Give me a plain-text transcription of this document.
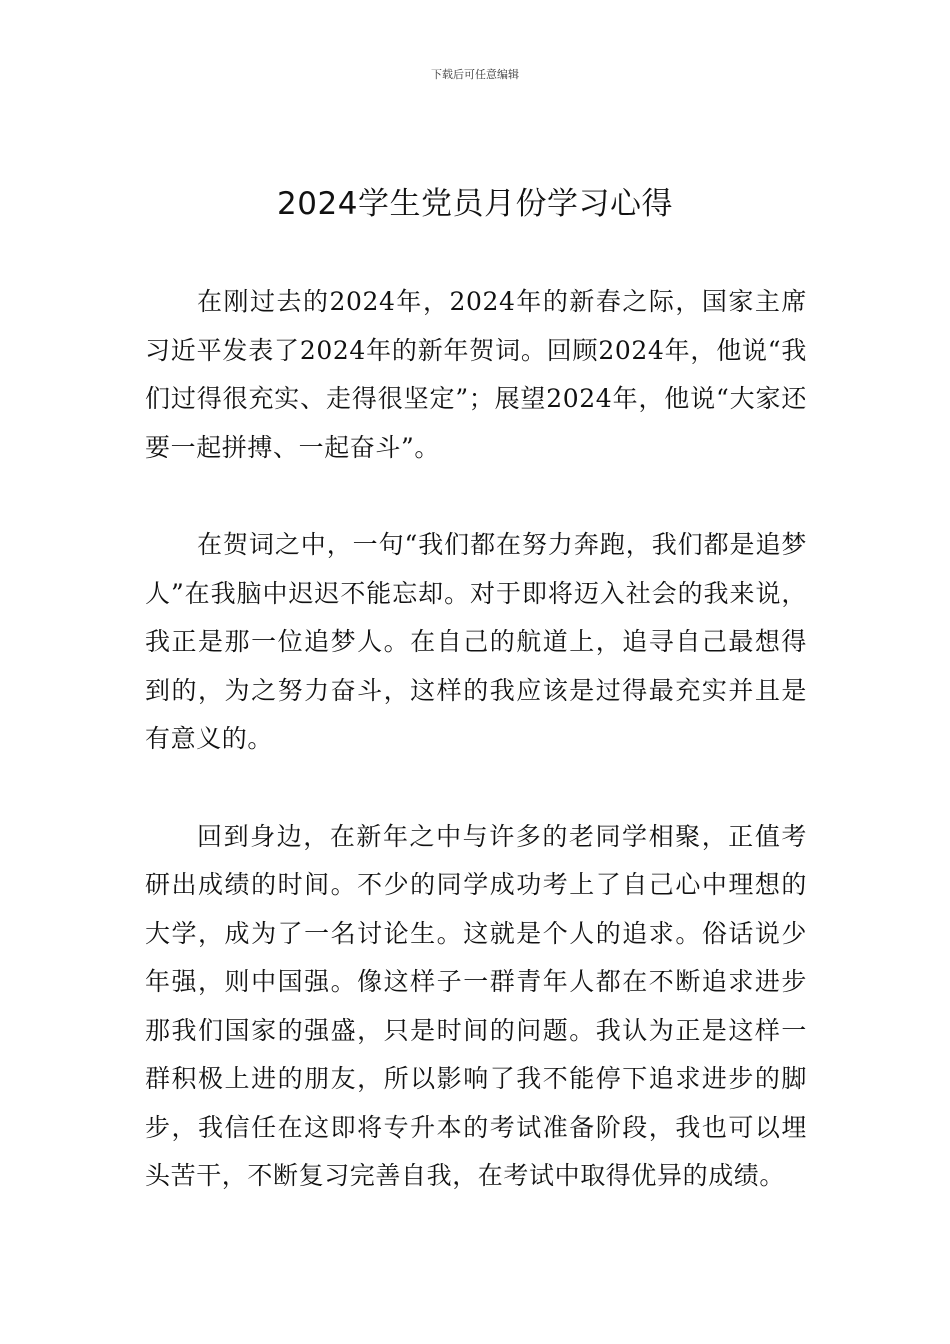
下载后可任意编辑
2024学生党员月份学习心得

在刚过去的2024年，2024年的新春之际，国家主席习近平发表了2024年的新年贺词。回顾2024年，他说“我们过得很充实、走得很坚定”；展望2024年，他说“大家还要一起拼搏、一起奋斗”。

在贺词之中，一句“我们都在努力奔跑，我们都是追梦人”在我脑中迟迟不能忘却。对于即将迈入社会的我来说，我正是那一位追梦人。在自己的航道上，追寻自己最想得到的，为之努力奋斗，这样的我应该是过得最充实并且是有意义的。

回到身边，在新年之中与许多的老同学相聚，正值考研出成绩的时间。不少的同学成功考上了自己心中理想的大学，成为了一名讨论生。这就是个人的追求。俗话说少年强，则中国强。像这样子一群青年人都在不断追求进步那我们国家的强盛，只是时间的问题。我认为正是这样一群积极上进的朋友，所以影响了我不能停下追求进步的脚步，我信任在这即将专升本的考试准备阶段，我也可以埋头苦干，不断复习完善自我，在考试中取得优异的成绩。
